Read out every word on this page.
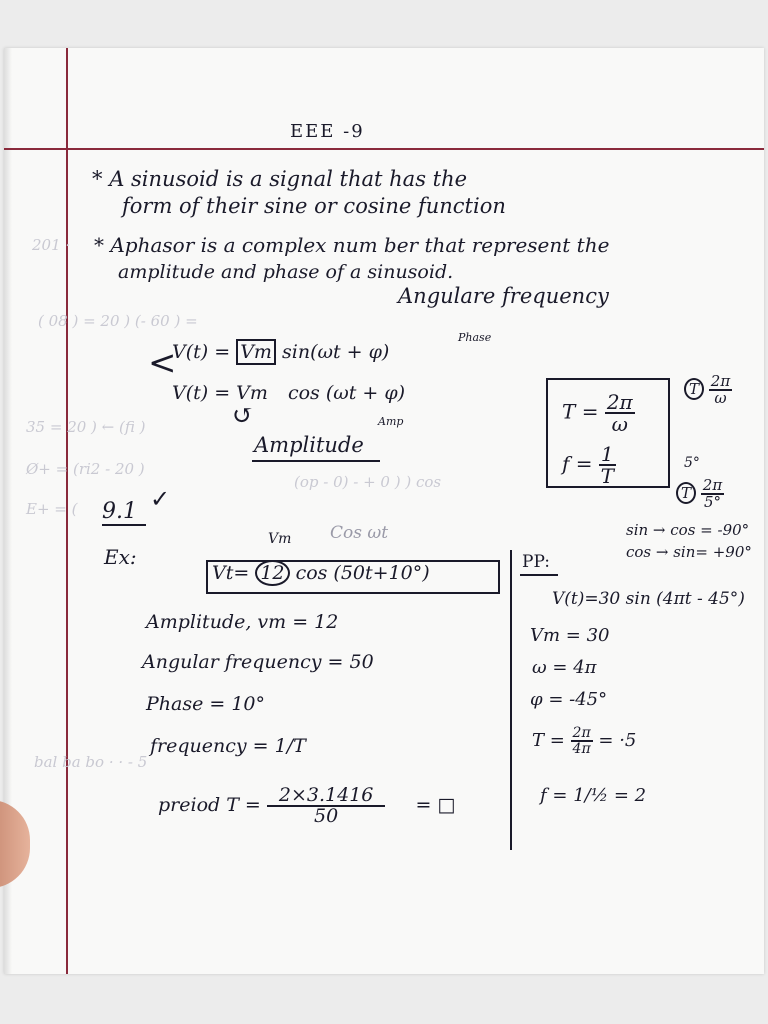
201 ·
( 08 ) = 20 ) (- 60 ) =
35 = 20 ) ← (fi )
Ø+ = (ri2 - 20 )
E+ = (
(op - 0) - + 0 ) ) cos
bal ba bo · · - 5
EEE -9
* A sinusoid is a signal that has the
form of their sine or cosine function
* Aphasor is a complex num ber that represent the
amplitude and phase of a sinusoid.
Angulare frequency
Phase
<
V(t) = Vm sin(ωt + φ)
V(t) = Vm cos (ωt + φ)
Amp
↺
Amplitude
$T = \frac{2\pi}{\omega}$
$f = \frac{1}{T}$
T $\frac{2\pi}{\omega}$
5°
T $\frac{2\pi}{5^\circ}$
sin → cos = -90°
cos → sin= +90°
9.1 ✓
Ex:
Vm Cos ωt
Vt= 12 cos (50t+10°)
Amplitude, vm = 12
Angular frequency = 50
Phase = 10°
frequency = 1/T
preiod $T = \frac{2\times 3.1416}{50}$ = □
PP:
V(t)=30 sin (4πt - 45°)
Vm = 30
ω = 4π
φ = -45°
$T = \frac{2\pi}{4\pi} = \cdot 5$
f = 1/½ = 2
